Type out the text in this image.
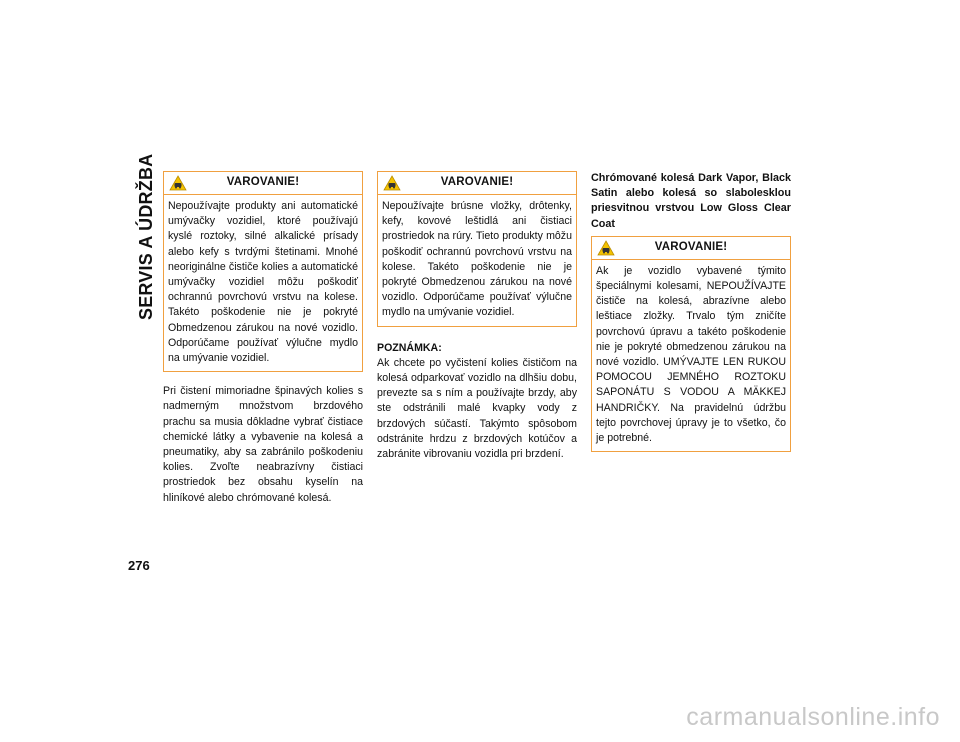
SERVIS A ÚDRŽBA	VAROVANIE!
Nepoužívajte produkty ani automatické umývačky vozidiel, ktoré používajú kyslé roztoky, silné alkalické prísady alebo kefy s tvrdými štetinami. Mnohé neoriginálne čističe kolies a automatické umývačky vozidiel môžu poškodiť ochrannú povrchovú vrstvu na kolese. Takéto poškodenie nie je pokryté Obmedzenou zárukou na nové vozidlo. Odporúčame používať výlučne mydlo na umývanie vozidiel.

Pri čistení mimoriadne špinavých kolies s nadmerným množstvom brzdového prachu sa musia dôkladne vybrať čistiace chemické látky a vybavenie na kolesá a pneumatiky, aby sa zabránilo poškodeniu kolies. Zvoľte neabrazívny čistiaci prostriedok bez obsahu kyselín na hliníkové alebo chrómované kolesá.

VAROVANIE!
Nepoužívajte brúsne vložky, drôtenky, kefy, kovové leštidlá ani čistiaci prostriedok na rúry. Tieto produkty môžu poškodiť ochrannú povrchovú vrstvu na kolese. Takéto poškodenie nie je pokryté Obmedzenou zárukou na nové vozidlo. Odporúčame používať výlučne mydlo na umývanie vozidiel.
POZNÁMKA:

Ak chcete po vyčistení kolies čističom na kolesá odparkovať vozidlo na dlhšiu dobu, prevezte sa s ním a používajte brzdy, aby ste odstránili malé kvapky vody z brzdových súčastí. Takýmto spôsobom odstránite hrdzu z brzdových kotúčov a zabránite vibrovaniu vozidla pri brzdení.

Chrómované kolesá Dark Vapor, Black Satin alebo kolesá so slabolesklou priesvitnou vrstvou Low Gloss Clear Coat
VAROVANIE!
Ak je vozidlo vybavené týmito špeciálnymi kolesami, NEPOUŽÍVAJTE čističe na kolesá, abrazívne alebo leštiace zložky. Trvalo tým zničíte povrchovú úpravu a takéto poškodenie nie je pokryté obmedzenou zárukou na nové vozidlo. UMÝVAJTE LEN RUKOU POMOCOU JEMNÉHO ROZTOKU SAPONÁTU S VODOU A MÄKKEJ HANDRIČKY. Na pravidelnú údržbu tejto povrchovej úpravy je to všetko, čo je potrebné.
276
carmanualsonline.info
